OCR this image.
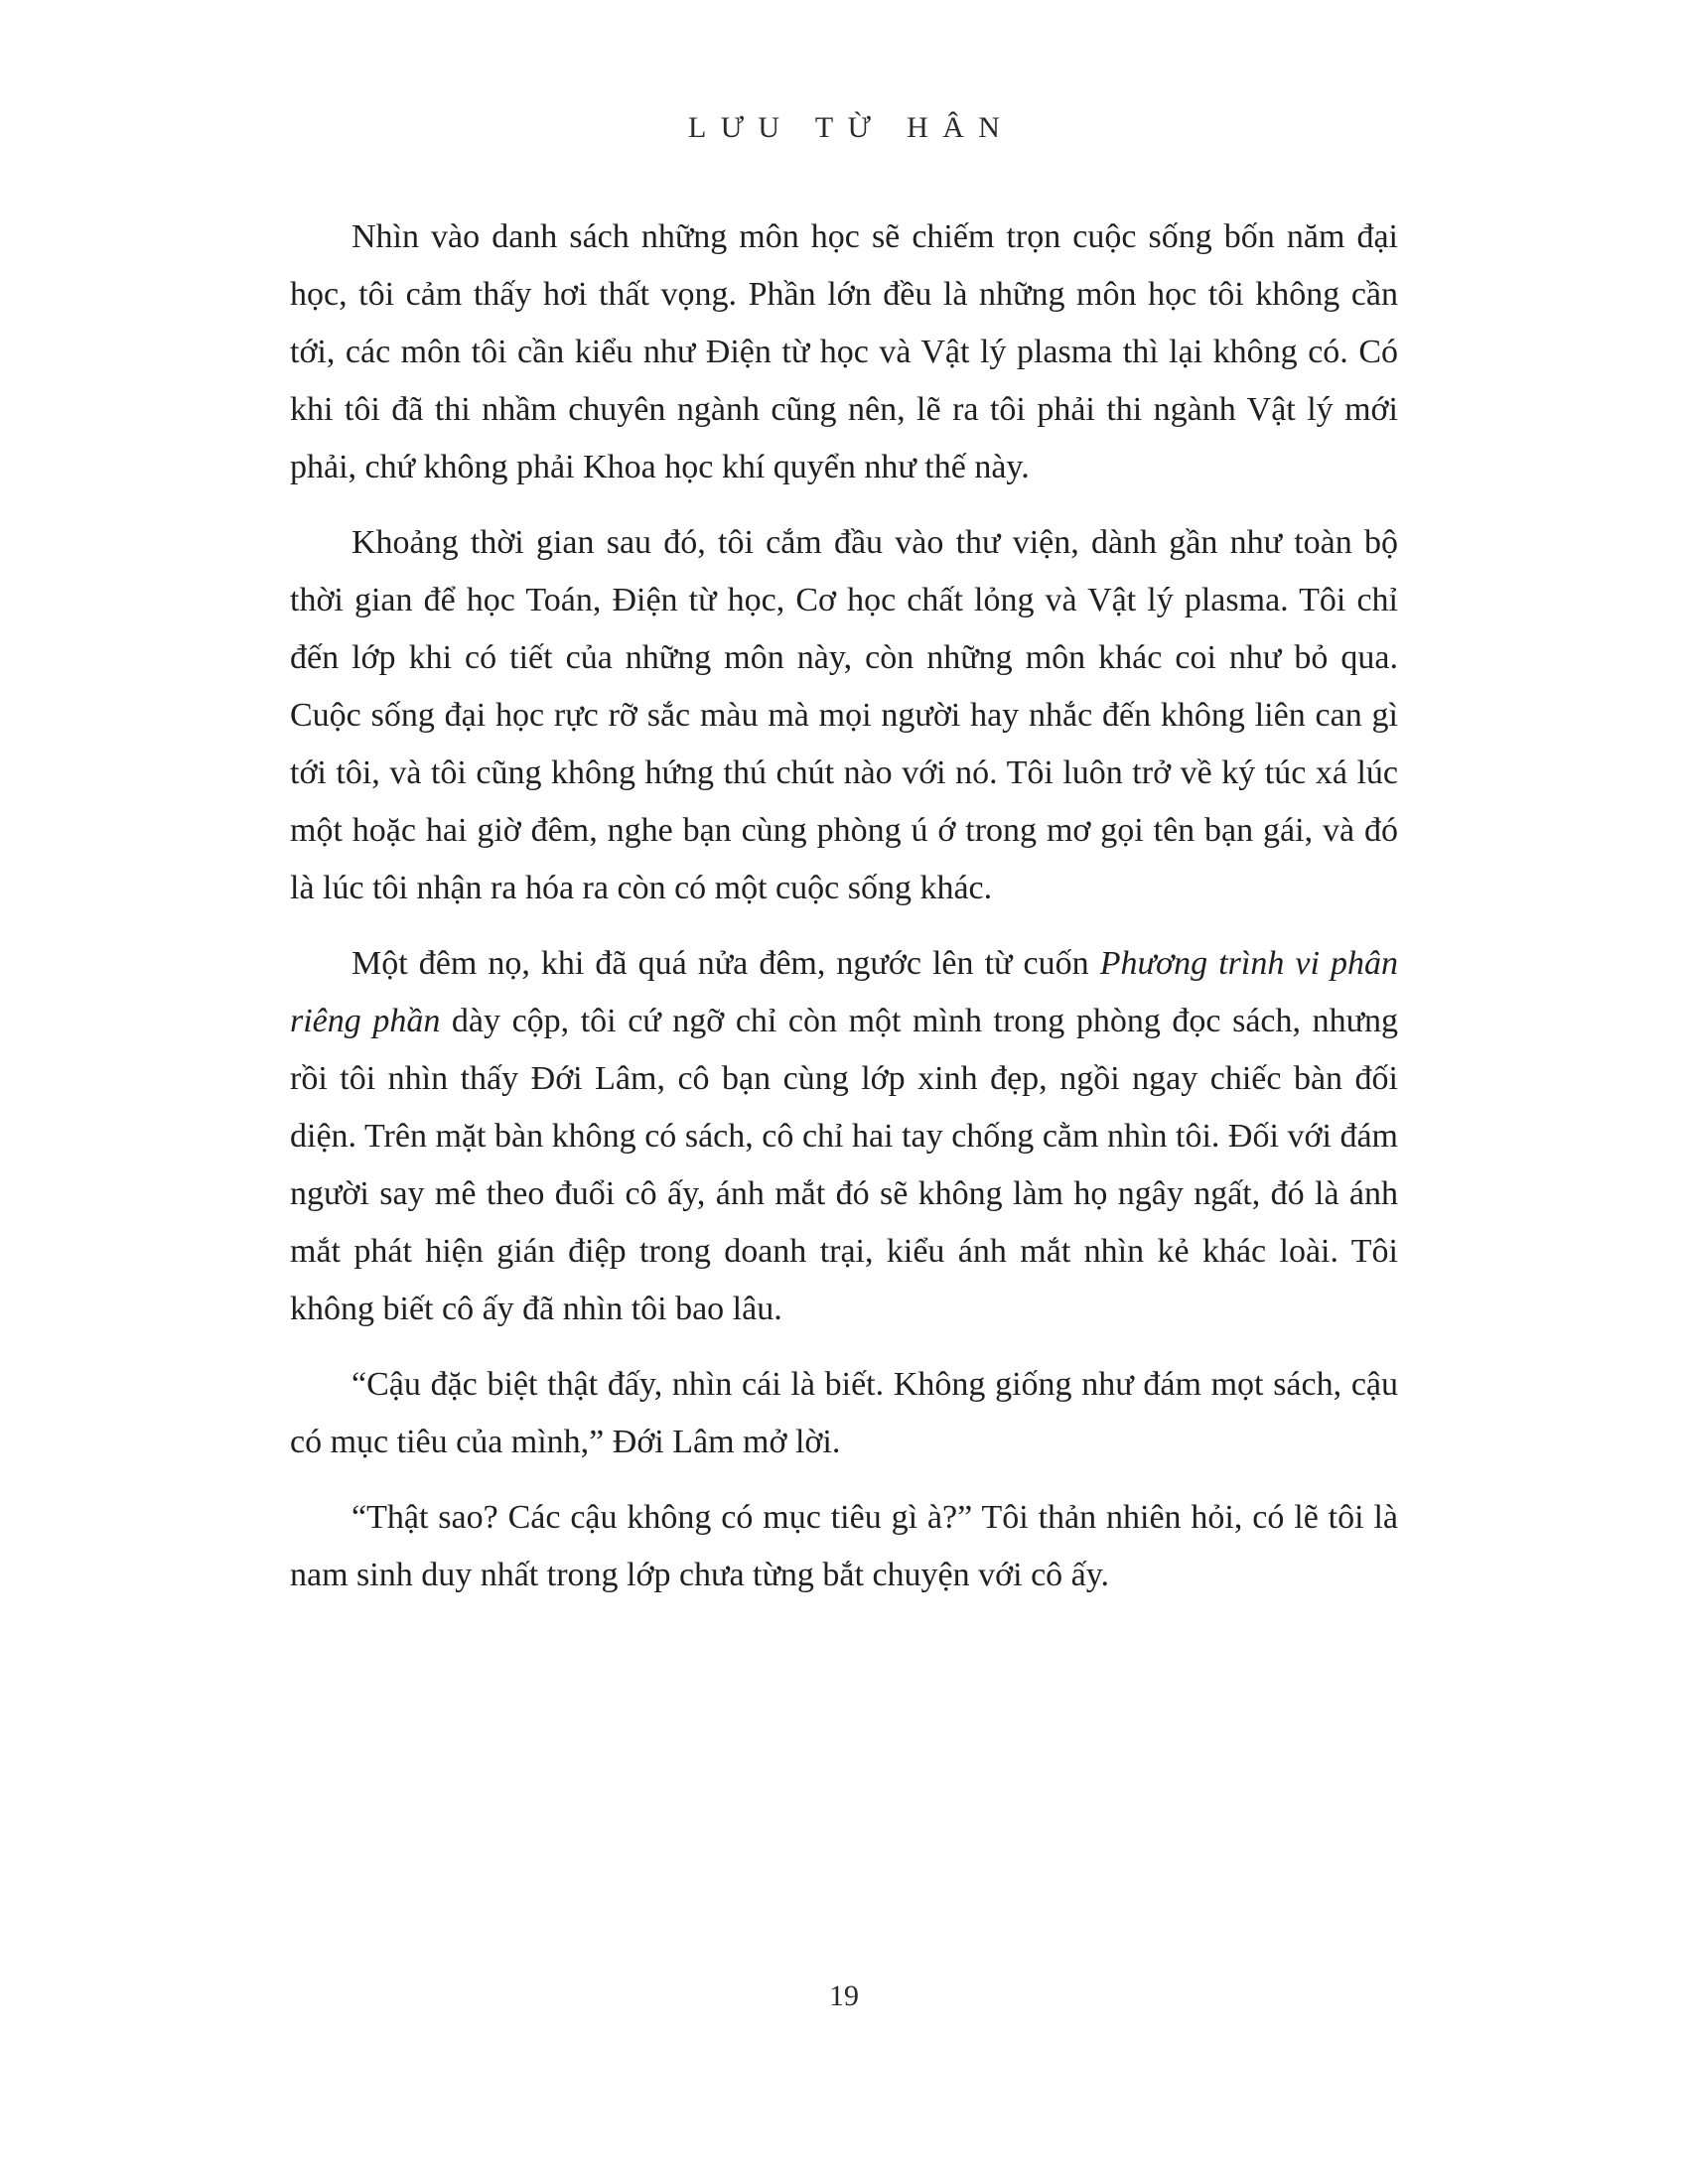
LƯU TỪ HÂN

Nhìn vào danh sách những môn học sẽ chiếm trọn cuộc sống bốn năm đại học, tôi cảm thấy hơi thất vọng. Phần lớn đều là những môn học tôi không cần tới, các môn tôi cần kiểu như Điện từ học và Vật lý plasma thì lại không có. Có khi tôi đã thi nhầm chuyên ngành cũng nên, lẽ ra tôi phải thi ngành Vật lý mới phải, chứ không phải Khoa học khí quyển như thế này.

Khoảng thời gian sau đó, tôi cắm đầu vào thư viện, dành gần như toàn bộ thời gian để học Toán, Điện từ học, Cơ học chất lỏng và Vật lý plasma. Tôi chỉ đến lớp khi có tiết của những môn này, còn những môn khác coi như bỏ qua. Cuộc sống đại học rực rỡ sắc màu mà mọi người hay nhắc đến không liên can gì tới tôi, và tôi cũng không hứng thú chút nào với nó. Tôi luôn trở về ký túc xá lúc một hoặc hai giờ đêm, nghe bạn cùng phòng ú ớ trong mơ gọi tên bạn gái, và đó là lúc tôi nhận ra hóa ra còn có một cuộc sống khác.

Một đêm nọ, khi đã quá nửa đêm, ngước lên từ cuốn Phương trình vi phân riêng phần dày cộp, tôi cứ ngỡ chỉ còn một mình trong phòng đọc sách, nhưng rồi tôi nhìn thấy Đới Lâm, cô bạn cùng lớp xinh đẹp, ngồi ngay chiếc bàn đối diện. Trên mặt bàn không có sách, cô chỉ hai tay chống cằm nhìn tôi. Đối với đám người say mê theo đuổi cô ấy, ánh mắt đó sẽ không làm họ ngây ngất, đó là ánh mắt phát hiện gián điệp trong doanh trại, kiểu ánh mắt nhìn kẻ khác loài. Tôi không biết cô ấy đã nhìn tôi bao lâu.

“Cậu đặc biệt thật đấy, nhìn cái là biết. Không giống như đám mọt sách, cậu có mục tiêu của mình,” Đới Lâm mở lời.

“Thật sao? Các cậu không có mục tiêu gì à?” Tôi thản nhiên hỏi, có lẽ tôi là nam sinh duy nhất trong lớp chưa từng bắt chuyện với cô ấy.

19
